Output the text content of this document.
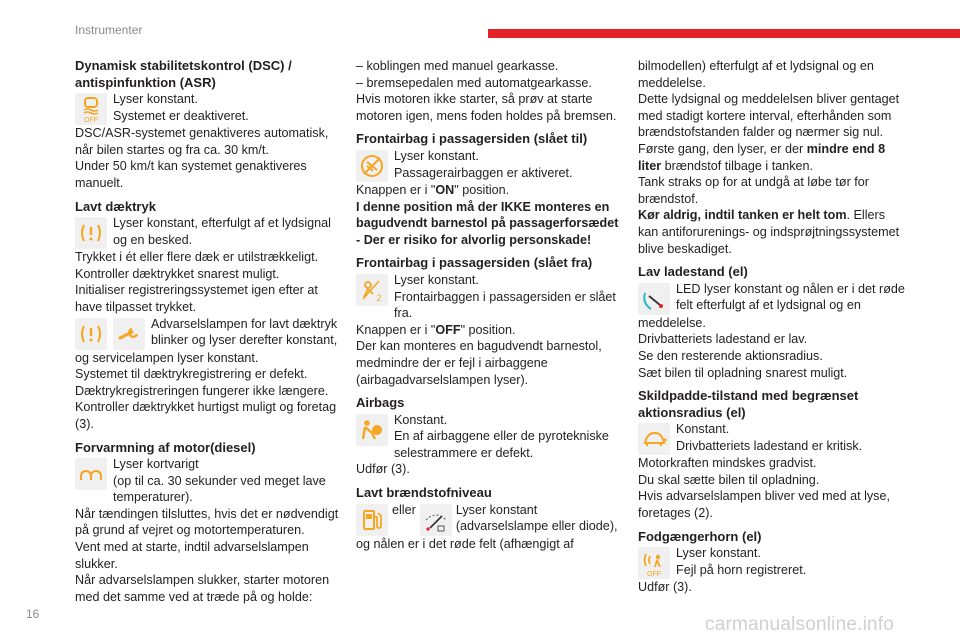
Instrumenter
Dynamisk stabilitetskontrol (DSC) / antispinfunktion (ASR)
OFF

Lyser konstant.

Systemet er deaktiveret.

DSC/ASR-systemet genaktiveres automatisk, når bilen startes og fra ca. 30 km/t.

Under 50 km/t kan systemet genaktiveres manuelt.

Lavt dæktryk

Lyser konstant, efterfulgt af et lydsignal og en besked.

Trykket i ét eller flere dæk er utilstrækkeligt.

Kontroller dæktrykket snarest muligt.

Initialiser registreringssystemet igen efter at have tilpasset trykket.

Advarselslampen for lavt dæktryk blinker og lyser derefter konstant,

og servicelampen lyser konstant.

Systemet til dæktrykregistrering er defekt.

Dæktrykregistreringen fungerer ikke længere.

Kontroller dæktrykket hurtigst muligt og foretag (3).

Forvarmning af motor(diesel)

Lyser kortvarigt

(op til ca. 30 sekunder ved meget lave temperaturer).

Når tændingen tilsluttes, hvis det er nødvendigt på grund af vejret og motortemperaturen.

Vent med at starte, indtil advarselslampen slukker.

Når advarselslampen slukker, starter motoren med det samme ved at træde på og holde:

– koblingen med manuel gearkasse.

– bremsepedalen med automatgearkasse.

Hvis motoren ikke starter, så prøv at starte motoren igen, mens foden holdes på bremsen.

Frontairbag i passagersiden (slået til)

Lyser konstant.

Passagerairbaggen er aktiveret.

Knappen er i "ON" position.

I denne position må der IKKE monteres en bagudvendt barnestol på passagerforsædet - Der er risiko for alvorlig personskade!

Frontairbag i passagersiden (slået fra)
2

Lyser konstant.

Frontairbaggen i passagersiden er slået fra.

Knappen er i "OFF" position.

Der kan monteres en bagudvendt barnestol, medmindre der er fejl i airbaggene (airbagadvarselslampen lyser).

Airbags

Konstant.

En af airbaggene eller de pyrotekniske selestrammere er defekt.

Udfør (3).

Lavt brændstofniveau
eller	Lyser konstant

(advarselslampe eller diode),

og nålen er i det røde felt (afhængigt af

bilmodellen) efterfulgt af et lydsignal og en meddelelse.

Dette lydsignal og meddelelsen bliver gentaget med stadigt kortere interval, efterhånden som brændstofstanden falder og nærmer sig nul.

Første gang, den lyser, er der mindre end 8 liter brændstof tilbage i tanken.

Tank straks op for at undgå at løbe tør for brændstof.

Kør aldrig, indtil tanken er helt tom. Ellers kan antiforurenings- og indsprøjtningssystemet blive beskadiget.

Lav ladestand (el)

LED lyser konstant og nålen er i det røde felt efterfulgt af et lydsignal og en

meddelelse.

Drivbatteriets ladestand er lav.

Se den resterende aktionsradius.

Sæt bilen til opladning snarest muligt.

Skildpadde-tilstand med begrænset aktionsradius (el)

Konstant.

Drivbatteriets ladestand er kritisk.

Motorkraften mindskes gradvist.

Du skal sætte bilen til opladning.

Hvis advarselslampen bliver ved med at lyse, foretages (2).

Fodgængerhorn (el)
OFF

Lyser konstant.

Fejl på horn registreret.

Udfør (3).

16	carmanualsonline.info
